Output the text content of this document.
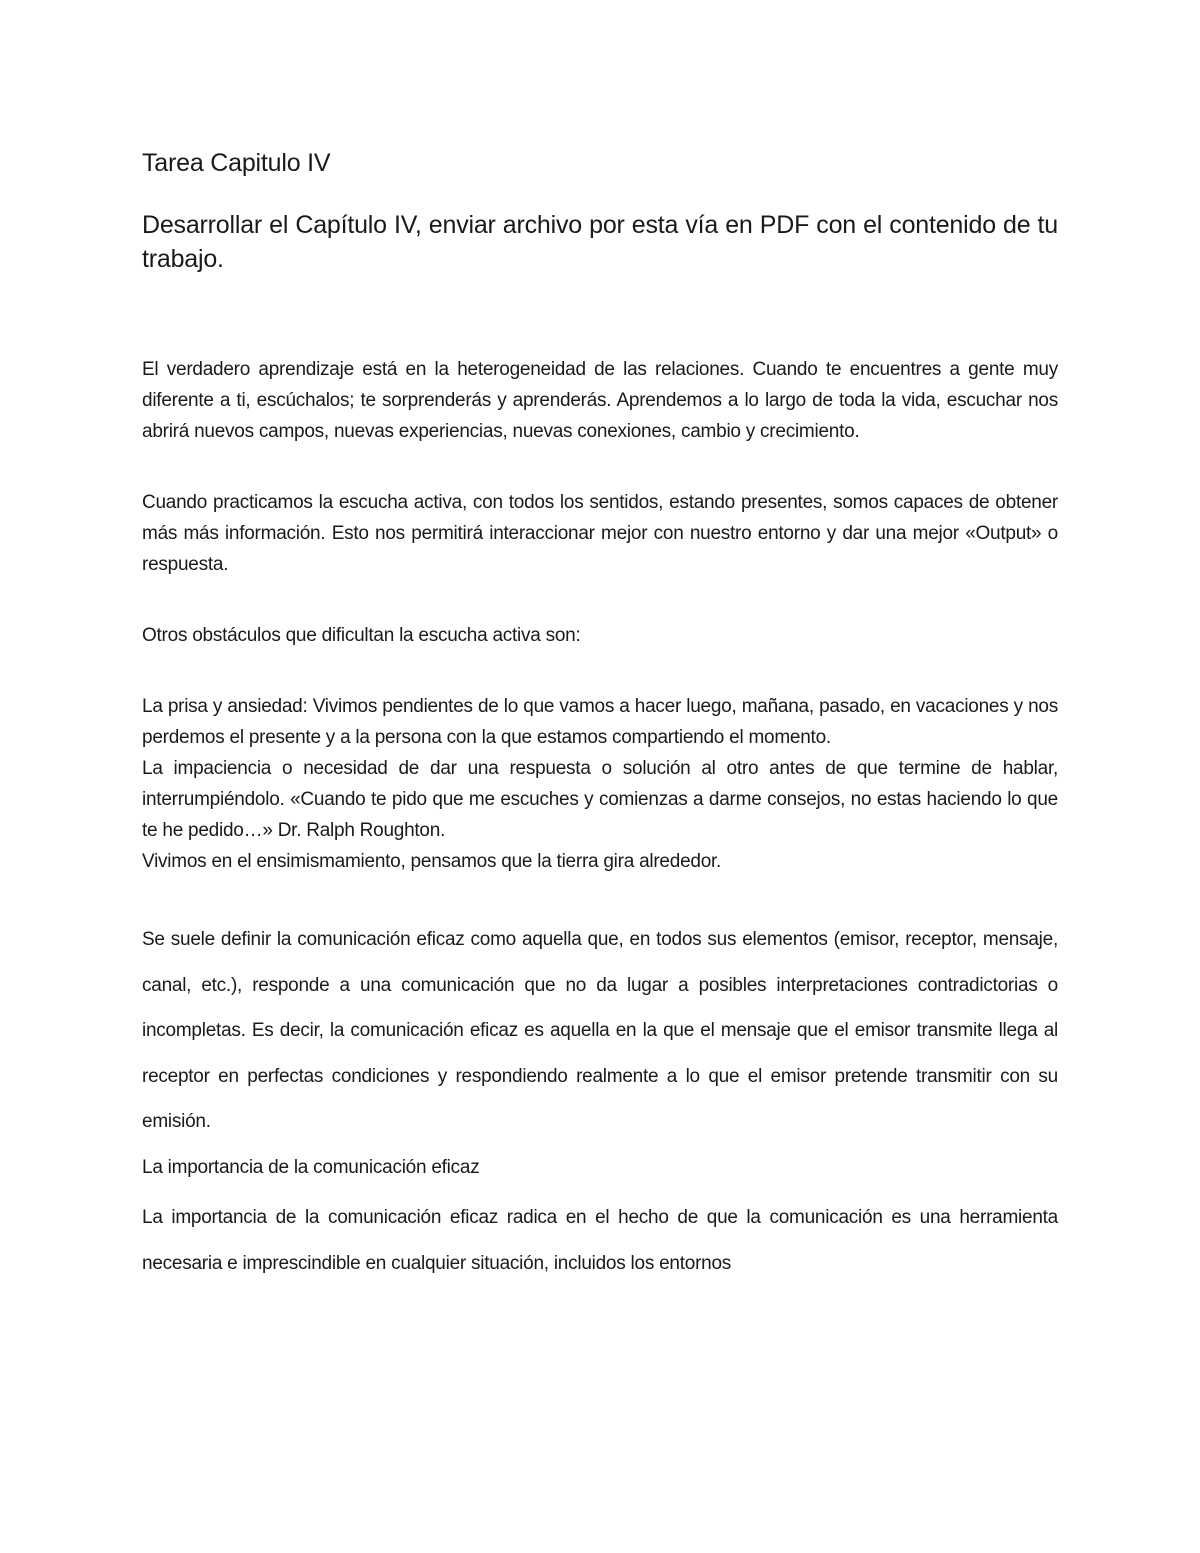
Tarea Capitulo IV
Desarrollar el Capítulo IV, enviar archivo por esta vía en PDF con el contenido de tu trabajo.

El verdadero aprendizaje está en la heterogeneidad de las relaciones. Cuando te encuentres a gente muy diferente a ti, escúchalos; te sorprenderás y aprenderás. Aprendemos a lo largo de toda la vida, escuchar nos abrirá nuevos campos, nuevas experiencias, nuevas conexiones, cambio y crecimiento.

Cuando practicamos la escucha activa, con todos los sentidos, estando presentes, somos capaces de obtener más más información. Esto nos permitirá interaccionar mejor con nuestro entorno y dar una mejor «Output» o respuesta.

Otros obstáculos que dificultan la escucha activa son:

La prisa y ansiedad: Vivimos pendientes de lo que vamos a hacer luego, mañana, pasado, en vacaciones y nos perdemos el presente y a la persona con la que estamos compartiendo el momento.
La impaciencia o necesidad de dar una respuesta o solución al otro antes de que termine de hablar, interrumpiéndolo. «Cuando te pido que me escuches y comienzas a darme consejos, no estas haciendo lo que te he pedido…» Dr. Ralph Roughton.
Vivimos en el ensimismamiento, pensamos que la tierra gira alrededor.

Se suele definir la comunicación eficaz como aquella que, en todos sus elementos (emisor, receptor, mensaje, canal, etc.), responde a una comunicación que no da lugar a posibles interpretaciones contradictorias o incompletas. Es decir, la comunicación eficaz es aquella en la que el mensaje que el emisor transmite llega al receptor en perfectas condiciones y respondiendo realmente a lo que el emisor pretende transmitir con su emisión.

La importancia de la comunicación eficaz

La importancia de la comunicación eficaz radica en el hecho de que la comunicación es una herramienta necesaria e imprescindible en cualquier situación, incluidos los entornos
